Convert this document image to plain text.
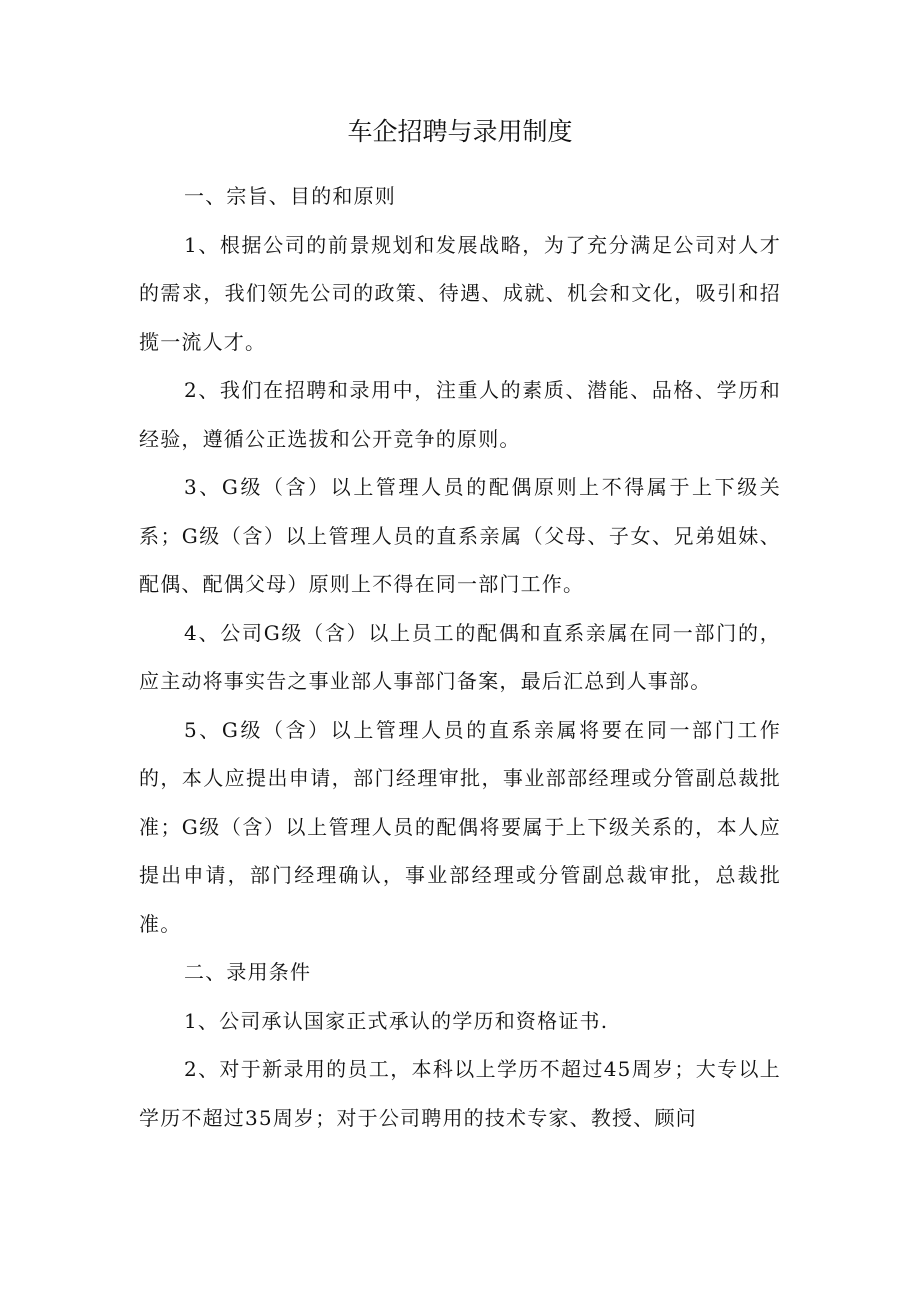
车企招聘与录用制度

一、宗旨、目的和原则

1、根据公司的前景规划和发展战略，为了充分满足公司对人才的需求，我们领先公司的政策、待遇、成就、机会和文化，吸引和招揽一流人才。

2、我们在招聘和录用中，注重人的素质、潜能、品格、学历和经验，遵循公正选拔和公开竞争的原则。

3、G级（含）以上管理人员的配偶原则上不得属于上下级关系；G级（含）以上管理人员的直系亲属（父母、子女、兄弟姐妹、配偶、配偶父母）原则上不得在同一部门工作。

4、公司G级（含）以上员工的配偶和直系亲属在同一部门的，应主动将事实告之事业部人事部门备案，最后汇总到人事部。

5、G级（含）以上管理人员的直系亲属将要在同一部门工作的，本人应提出申请，部门经理审批，事业部部经理或分管副总裁批准；G级（含）以上管理人员的配偶将要属于上下级关系的，本人应提出申请，部门经理确认，事业部经理或分管副总裁审批，总裁批准。

二、录用条件

1、公司承认国家正式承认的学历和资格证书.

2、对于新录用的员工，本科以上学历不超过45周岁；大专以上学历不超过35周岁；对于公司聘用的技术专家、教授、顾问
